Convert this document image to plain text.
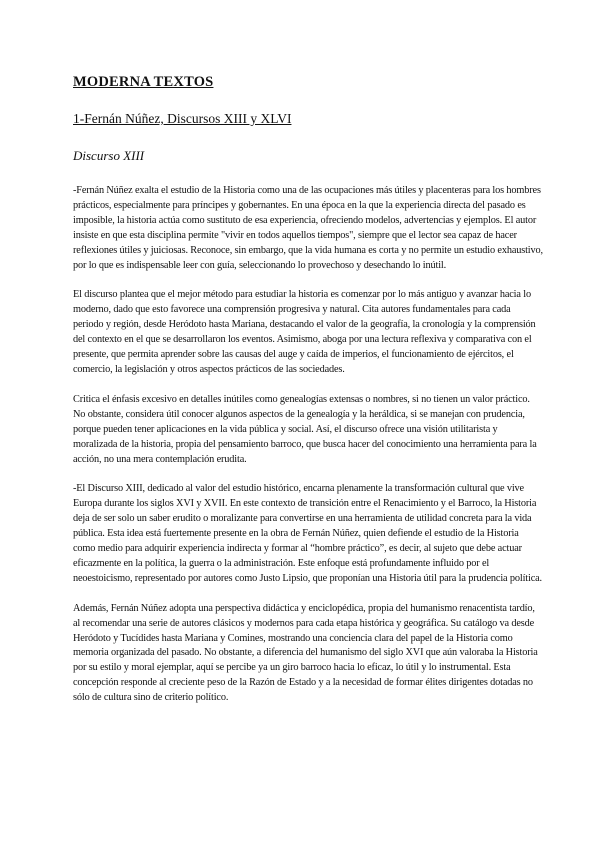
MODERNA TEXTOS
1-Fernán Núñez, Discursos XIII y XLVI
Discurso XIII

-Fernán Núñez exalta el estudio de la Historia como una de las ocupaciones más útiles y placenteras para los hombres prácticos, especialmente para príncipes y gobernantes. En una época en la que la experiencia directa del pasado es imposible, la historia actúa como sustituto de esa experiencia, ofreciendo modelos, advertencias y ejemplos. El autor insiste en que esta disciplina permite "vivir en todos aquellos tiempos", siempre que el lector sea capaz de hacer reflexiones útiles y juiciosas. Reconoce, sin embargo, que la vida humana es corta y no permite un estudio exhaustivo, por lo que es indispensable leer con guía, seleccionando lo provechoso y desechando lo inútil.

El discurso plantea que el mejor método para estudiar la historia es comenzar por lo más antiguo y avanzar hacia lo moderno, dado que esto favorece una comprensión progresiva y natural. Cita autores fundamentales para cada periodo y región, desde Heródoto hasta Mariana, destacando el valor de la geografía, la cronología y la comprensión del contexto en el que se desarrollaron los eventos. Asimismo, aboga por una lectura reflexiva y comparativa con el presente, que permita aprender sobre las causas del auge y caída de imperios, el funcionamiento de ejércitos, el comercio, la legislación y otros aspectos prácticos de las sociedades.

Critica el énfasis excesivo en detalles inútiles como genealogías extensas o nombres, si no tienen un valor práctico. No obstante, considera útil conocer algunos aspectos de la genealogía y la heráldica, si se manejan con prudencia, porque pueden tener aplicaciones en la vida pública y social. Así, el discurso ofrece una visión utilitarista y moralizada de la historia, propia del pensamiento barroco, que busca hacer del conocimiento una herramienta para la acción, no una mera contemplación erudita.

-El Discurso XIII, dedicado al valor del estudio histórico, encarna plenamente la transformación cultural que vive Europa durante los siglos XVI y XVII. En este contexto de transición entre el Renacimiento y el Barroco, la Historia deja de ser solo un saber erudito o moralizante para convertirse en una herramienta de utilidad concreta para la vida pública. Esta idea está fuertemente presente en la obra de Fernán Núñez, quien defiende el estudio de la Historia como medio para adquirir experiencia indirecta y formar al “hombre práctico”, es decir, al sujeto que debe actuar eficazmente en la política, la guerra o la administración. Este enfoque está profundamente influido por el neoestoicismo, representado por autores como Justo Lipsio, que proponían una Historia útil para la prudencia política.

Además, Fernán Núñez adopta una perspectiva didáctica y enciclopédica, propia del humanismo renacentista tardío, al recomendar una serie de autores clásicos y modernos para cada etapa histórica y geográfica. Su catálogo va desde Heródoto y Tucídides hasta Mariana y Comines, mostrando una conciencia clara del papel de la Historia como memoria organizada del pasado. No obstante, a diferencia del humanismo del siglo XVI que aún valoraba la Historia por su estilo y moral ejemplar, aquí se percibe ya un giro barroco hacia lo eficaz, lo útil y lo instrumental. Esta concepción responde al creciente peso de la Razón de Estado y a la necesidad de formar élites dirigentes dotadas no sólo de cultura sino de criterio político.
